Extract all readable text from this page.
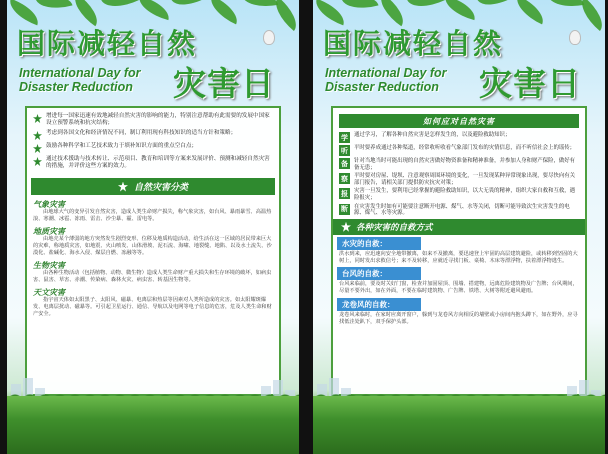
国际减轻自然
International Day for
Disaster Reduction	灾害日
增进每一国家迅速有效地减轻自然灾害的影响的能力，特别注意帮助有此需要的发展中国家设立预警系统和抗灾结构；
考虑到各国文化和经济情况不同，制订利用现有科技知识的适当方针和策略；
鼓励各种科学和工艺技术致力于填补知识方面的重点空白点；
通过技术援助与技术转让、示范项目、教育和培训等方案来发展评价、预测和减轻自然灾害的措施，并评价这些方案的效力。
自然灾害分类
气象灾害
由地球大气的变异引发自然灾害，造成人类生命财产损失，称气象灾害，如台风、暴雨暴雪、高温热浪、寒潮、冰雹、冻雨、雷击、沙尘暴、霾、雷电等。
地质灾害
由地壳某个薄弱的地方突然发生剧烈变形、位移及地质构造活动，给生活在这一区域的居民带来巨大的灾难，称地质灾害，如地震、火山喷发、山体滑坡、泥石流、海啸、地裂缝、地陷、以及水土流失、沙漠化、盐碱化、海水入侵、煤层自燃、冻融等等。
生物灾害
由各种生物活动（包括植物、动物、微生物）造成人类生命财产重大损失和生存环境的破坏，如病虫害、鼠害、草害、赤潮、传染病、森林火灾、病虫害、转基因生物等。
天文灾害
指宇宙天体如太阳黑子、太阳风、磁暴、电离层和热层等因素对人类所造成的灾害。如太阳耀斑爆发、电离层扰动、磁暴等。可引起卫星运行、通信、导航以及电网等电子信息的危害，危及人类生命和财产安全。
国际减轻自然
International Day for
Disaster Reduction	灾害日
如何应对自然灾害
学	通过学习，了解各种自然灾害是怎样发生的，以及避险救助知识；
听	平时要养成通过各种渠道，经常收听收看气象部门发布的灾情信息，而不听信社会上的谣传；
备	针对当地当时可能出现的自然灾害做好物资准备和精神准备，并参加人身和财产保险，做好有备无患；
察	平时要对房屋、堤坝、注意观察周围环境的变化，一旦发现某种异常现象出现，要尽快向有关部门报告，请相关部门提供防灾抗灾对策；
报	灾害一旦发生，要利用已经掌握的避险救助知识，以大无畏的精神，组织大家自救和互救，遇险报灾；
断	在灾害发生时如有可能要注意断开电源、煤气、水等关闭，切断可能导致次生灾害发生的电源、煤气、水等灾源。
各种灾害的自救方式
水灾的自救：
洪水到来，应迅速向安全地带撤离，如来不及撤离，要迅速登上牢固的高层建筑避险，或转移到坚固的大树上，同时发出求救信号；来不及转移，应就近寻找门板、桌椅、木床等漂浮物，扶着漂浮物逃生。
台风的自救：
台风来临前，要及时关好门窗，检查并加固屋顶、围墙、搭建物，远离危险建筑物及广告牌；台风期间，尽量不要外出，如在外面，不要在临时建筑物、广告牌、铁塔、大树等附近避风避雨。
龙卷风的自救：
龙卷风来临时，在家时应离开窗户，躲到与龙卷风方向相反的墙壁或小房间内抱头蹲下，如在野外，应寻找低洼处趴下，双手保护头部。
